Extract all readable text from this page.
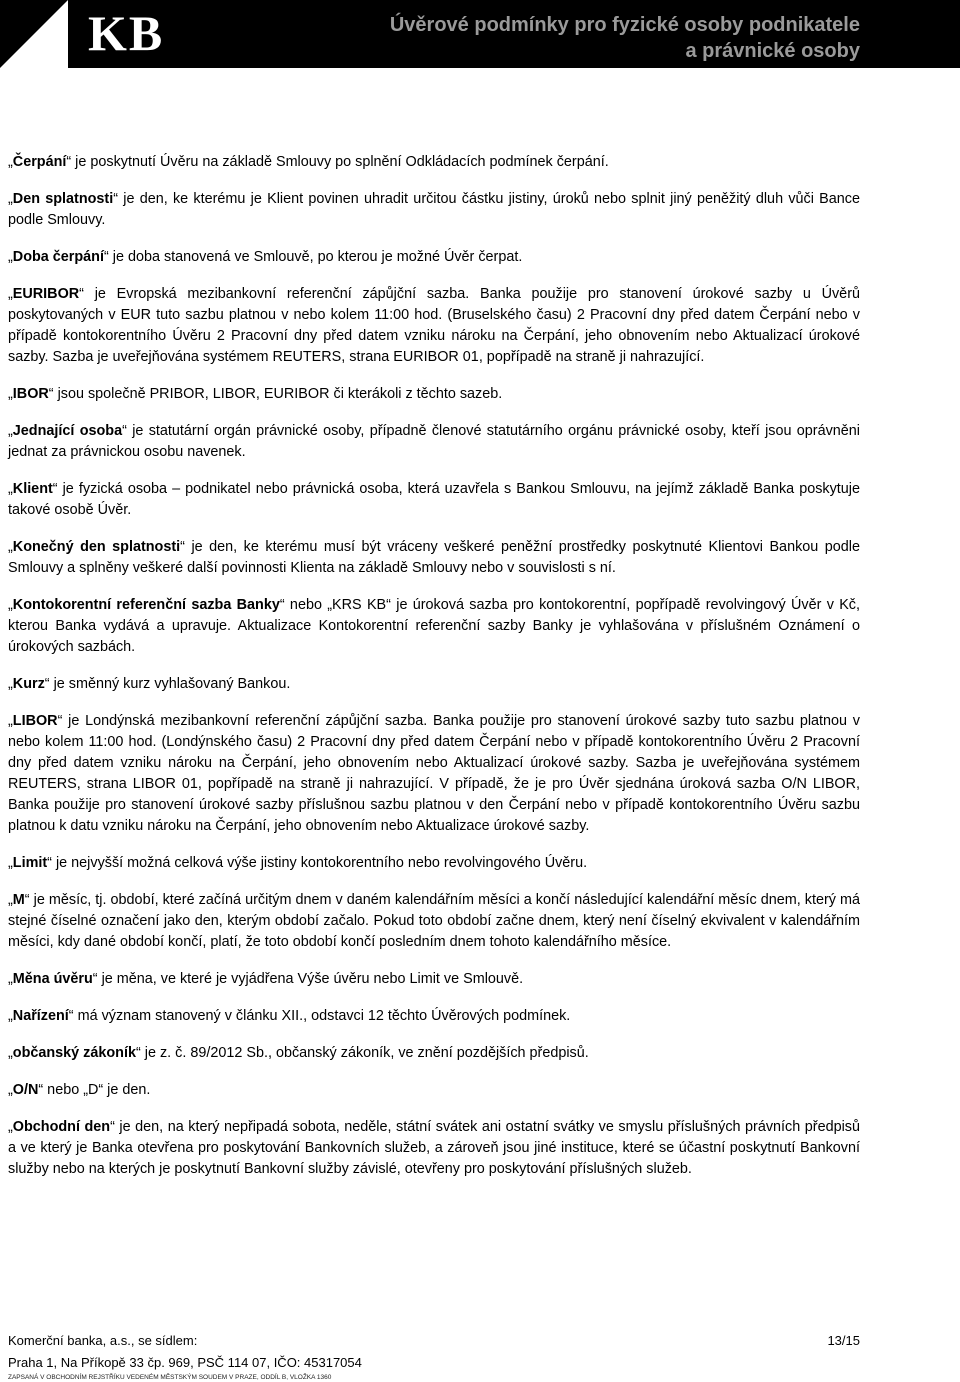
KB	Úvěrové podmínky pro fyzické osoby podnikatele
a právnické osoby

„Čerpání“ je poskytnutí Úvěru na základě Smlouvy po splnění Odkládacích podmínek čerpání.

„Den splatnosti“ je den, ke kterému je Klient povinen uhradit určitou částku jistiny, úroků nebo splnit jiný peněžitý dluh vůči Bance podle Smlouvy.

„Doba čerpání“ je doba stanovená ve Smlouvě, po kterou je možné Úvěr čerpat.

„EURIBOR“ je Evropská mezibankovní referenční zápůjční sazba. Banka použije pro stanovení úrokové sazby u Úvěrů poskytovaných v EUR tuto sazbu platnou v nebo kolem 11:00 hod. (Bruselského času) 2 Pracovní dny před datem Čerpání nebo v případě kontokorentního Úvěru 2 Pracovní dny před datem vzniku nároku na Čerpání, jeho obnovením nebo Aktualizací úrokové sazby. Sazba je uveřejňována systémem REUTERS, strana EURIBOR 01, popřípadě na straně ji nahrazující.

„IBOR“ jsou společně PRIBOR, LIBOR, EURIBOR či kterákoli z těchto sazeb.

„Jednající osoba“ je statutární orgán právnické osoby, případně členové statutárního orgánu právnické osoby, kteří jsou oprávněni jednat za právnickou osobu navenek.

„Klient“ je fyzická osoba – podnikatel nebo právnická osoba, která uzavřela s Bankou Smlouvu, na jejímž základě Banka poskytuje takové osobě Úvěr.

„Konečný den splatnosti“ je den, ke kterému musí být vráceny veškeré peněžní prostředky poskytnuté Klientovi Bankou podle Smlouvy a splněny veškeré další povinnosti Klienta na základě Smlouvy nebo v souvislosti s ní.

„Kontokorentní referenční sazba Banky“ nebo „KRS KB“ je úroková sazba pro kontokorentní, popřípadě revolvingový Úvěr v Kč, kterou Banka vydává a upravuje. Aktualizace Kontokorentní referenční sazby Banky je vyhlašována v příslušném Oznámení o úrokových sazbách.

„Kurz“ je směnný kurz vyhlašovaný Bankou.

„LIBOR“ je Londýnská mezibankovní referenční zápůjční sazba. Banka použije pro stanovení úrokové sazby tuto sazbu platnou v nebo kolem 11:00 hod. (Londýnského času) 2 Pracovní dny před datem Čerpání nebo v případě kontokorentního Úvěru 2 Pracovní dny před datem vzniku nároku na Čerpání, jeho obnovením nebo Aktualizací úrokové sazby. Sazba je uveřejňována systémem REUTERS, strana LIBOR 01, popřípadě na straně ji nahrazující. V případě, že je pro Úvěr sjednána úroková sazba O/N LIBOR, Banka použije pro stanovení úrokové sazby příslušnou sazbu platnou v den Čerpání nebo v případě kontokorentního Úvěru sazbu platnou k datu vzniku nároku na Čerpání, jeho obnovením nebo Aktualizace úrokové sazby.

„Limit“ je nejvyšší možná celková výše jistiny kontokorentního nebo revolvingového Úvěru.

„M“ je měsíc, tj. období, které začíná určitým dnem v daném kalendářním měsíci a končí následující kalendářní měsíc dnem, který má stejné číselné označení jako den, kterým období začalo. Pokud toto období začne dnem, který není číselný ekvivalent v kalendářním měsíci, kdy dané období končí, platí, že toto období končí posledním dnem tohoto kalendářního měsíce.

„Měna úvěru“ je měna, ve které je vyjádřena Výše úvěru nebo Limit ve Smlouvě.

„Nařízení“ má význam stanovený v článku XII., odstavci 12 těchto Úvěrových podmínek.

„občanský zákoník“ je z. č. 89/2012 Sb., občanský zákoník, ve znění pozdějších předpisů.

„O/N“ nebo „D“ je den.

„Obchodní den“ je den, na který nepřipadá sobota, neděle, státní svátek ani ostatní svátky ve smyslu příslušných právních předpisů a ve který je Banka otevřena pro poskytování Bankovních služeb, a zároveň jsou jiné instituce, které se účastní poskytnutí Bankovní služby nebo na kterých je poskytnutí Bankovní služby závislé, otevřeny pro poskytování příslušných služeb.

Komerční banka, a.s., se sídlem:
Praha 1, Na Příkopě 33 čp. 969, PSČ 114 07, IČO: 45317054
ZAPSANÁ V OBCHODNÍM REJSTŘÍKU VEDENÉM MĚSTSKÝM SOUDEM V PRAZE, ODDÍL B, VLOŽKA 1360
13/15
